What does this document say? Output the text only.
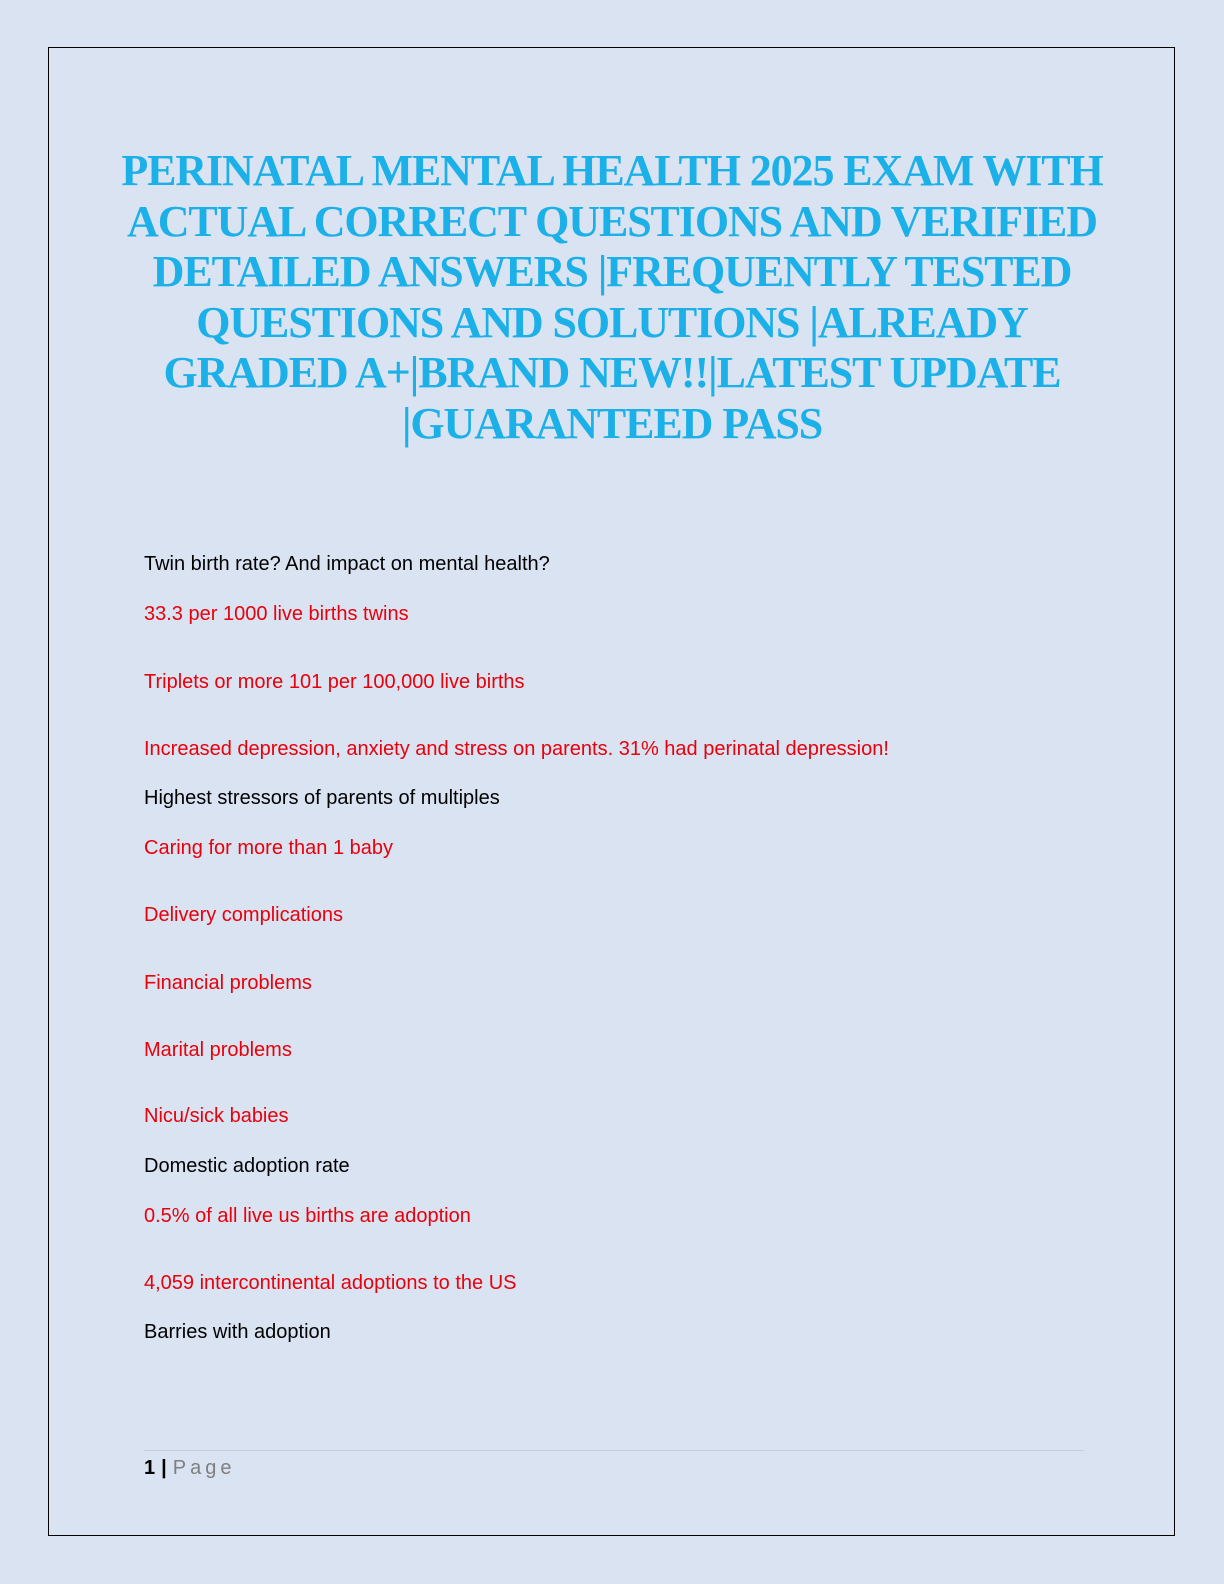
PERINATAL MENTAL HEALTH 2025 EXAM WITH ACTUAL CORRECT QUESTIONS AND VERIFIED DETAILED ANSWERS |FREQUENTLY TESTED QUESTIONS AND SOLUTIONS |ALREADY GRADED A+|BRAND NEW!!|LATEST UPDATE |GUARANTEED PASS
Twin birth rate? And impact on mental health?
33.3 per 1000 live births twins
Triplets or more 101 per 100,000 live births
Increased depression, anxiety and stress on parents. 31% had perinatal depression!
Highest stressors of parents of multiples
Caring for more than 1 baby
Delivery complications
Financial problems
Marital problems
Nicu/sick babies
Domestic adoption rate
0.5% of all live us births are adoption
4,059 intercontinental adoptions to the US
Barries with adoption
1 | Page
